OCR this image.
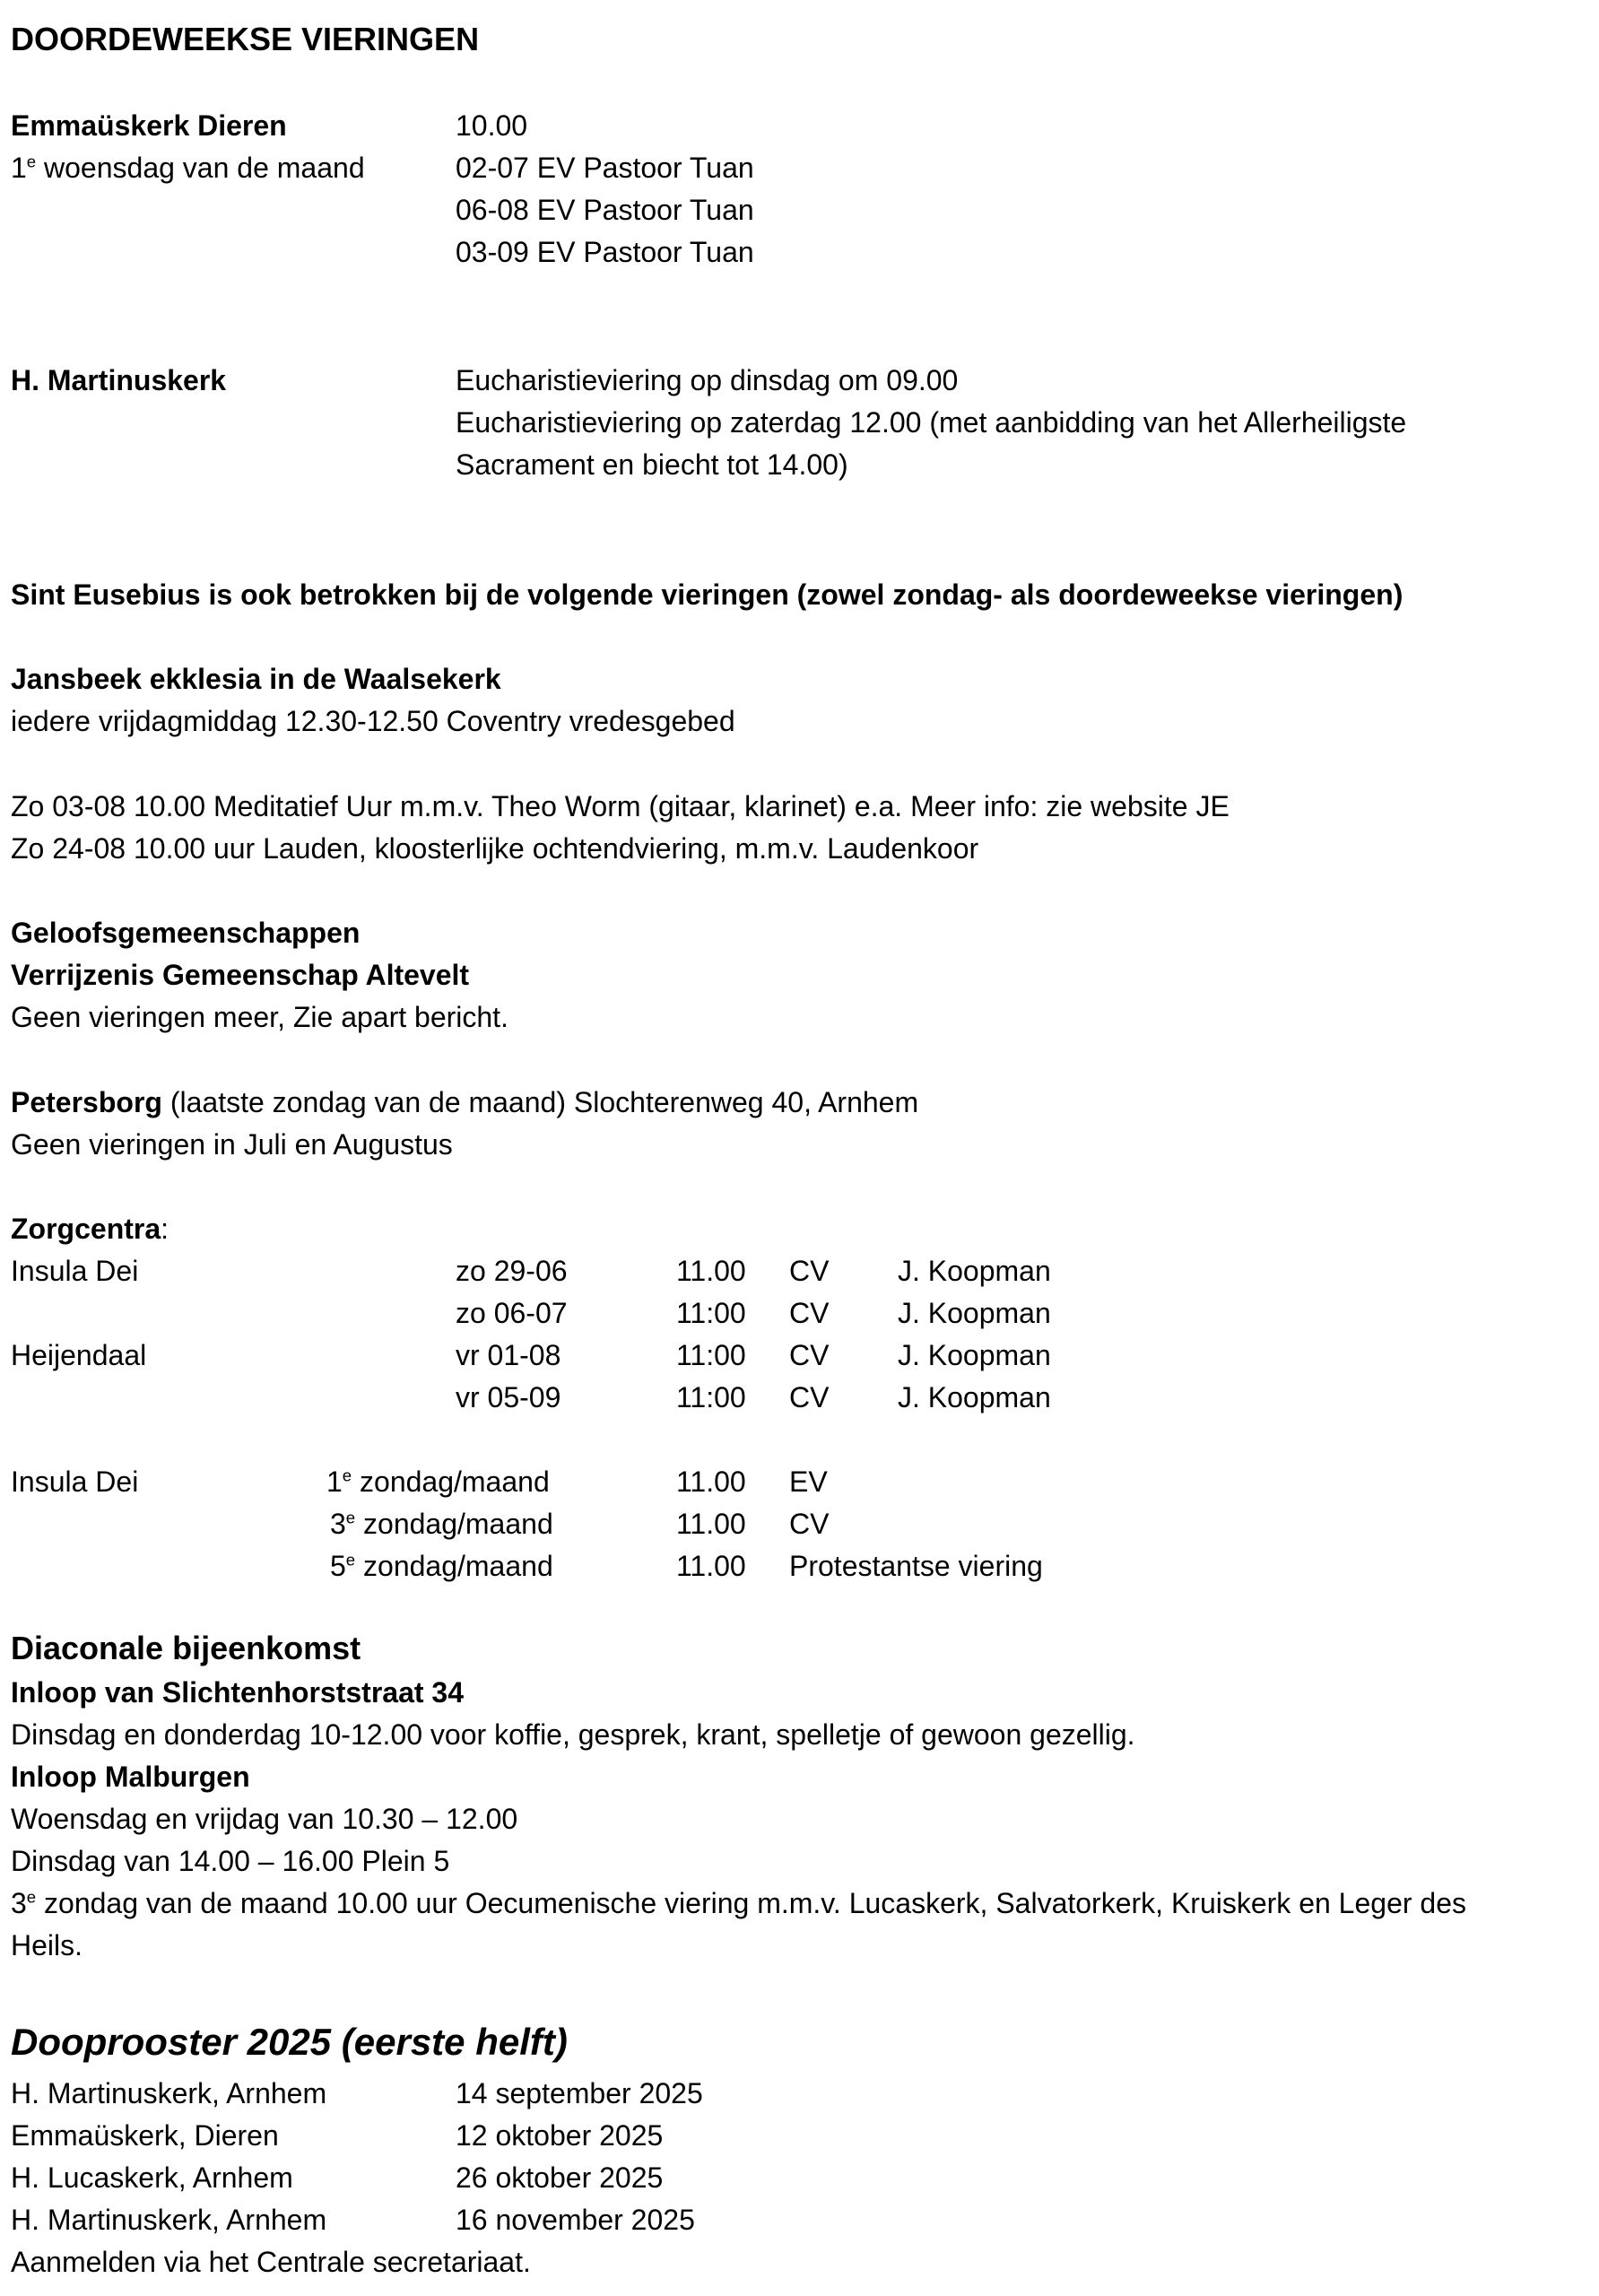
DOORDEWEEKSE VIERINGEN
Emmaüskerk Dieren	10.00
1e woensdag van de maand	02-07 EV Pastoor Tuan
06-08 EV Pastoor Tuan
03-09 EV Pastoor Tuan
H. Martinuskerk	Eucharistieviering op dinsdag om 09.00
Eucharistieviering op zaterdag 12.00 (met aanbidding van het Allerheiligste
Sacrament en biecht tot 14.00)
Sint Eusebius is ook betrokken bij de volgende vieringen (zowel zondag- als doordeweekse vieringen)
Jansbeek ekklesia in de Waalsekerk
iedere vrijdagmiddag 12.30-12.50 Coventry vredesgebed
Zo 03-08 10.00 Meditatief Uur m.m.v. Theo Worm (gitaar, klarinet) e.a. Meer info: zie website JE
Zo 24-08 10.00 uur Lauden, kloosterlijke ochtendviering, m.m.v. Laudenkoor
Geloofsgemeenschappen
Verrijzenis Gemeenschap Altevelt
Geen vieringen meer, Zie apart bericht.
Petersborg (laatste zondag van de maand) Slochterenweg 40, Arnhem
Geen vieringen in Juli en Augustus
Zorgcentra:
Insula Dei	zo 29-06	11.00 CV J. Koopman
zo 06-07	11:00 CV J. Koopman
Heijendaal	vr 01-08	11:00 CV J. Koopman
vr 05-09	11:00 CV J. Koopman
Insula Dei	1e zondag/maand	11.00 EV
3e zondag/maand	11.00 CV
5e zondag/maand	11.00 Protestantse viering
Diaconale bijeenkomst
Inloop van Slichtenhorststraat 34
Dinsdag en donderdag 10-12.00 voor koffie, gesprek, krant, spelletje of gewoon gezellig.
Inloop Malburgen
Woensdag en vrijdag van 10.30 – 12.00
Dinsdag van 14.00 – 16.00 Plein 5
3e zondag van de maand 10.00 uur Oecumenische viering m.m.v. Lucaskerk, Salvatorkerk, Kruiskerk en Leger des
Heils.
Dooprooster 2025 (eerste helft)
H. Martinuskerk, Arnhem	14 september 2025
Emmaüskerk, Dieren	12 oktober 2025
H. Lucaskerk, Arnhem	26 oktober 2025
H. Martinuskerk, Arnhem	16 november 2025
Aanmelden via het Centrale secretariaat.
